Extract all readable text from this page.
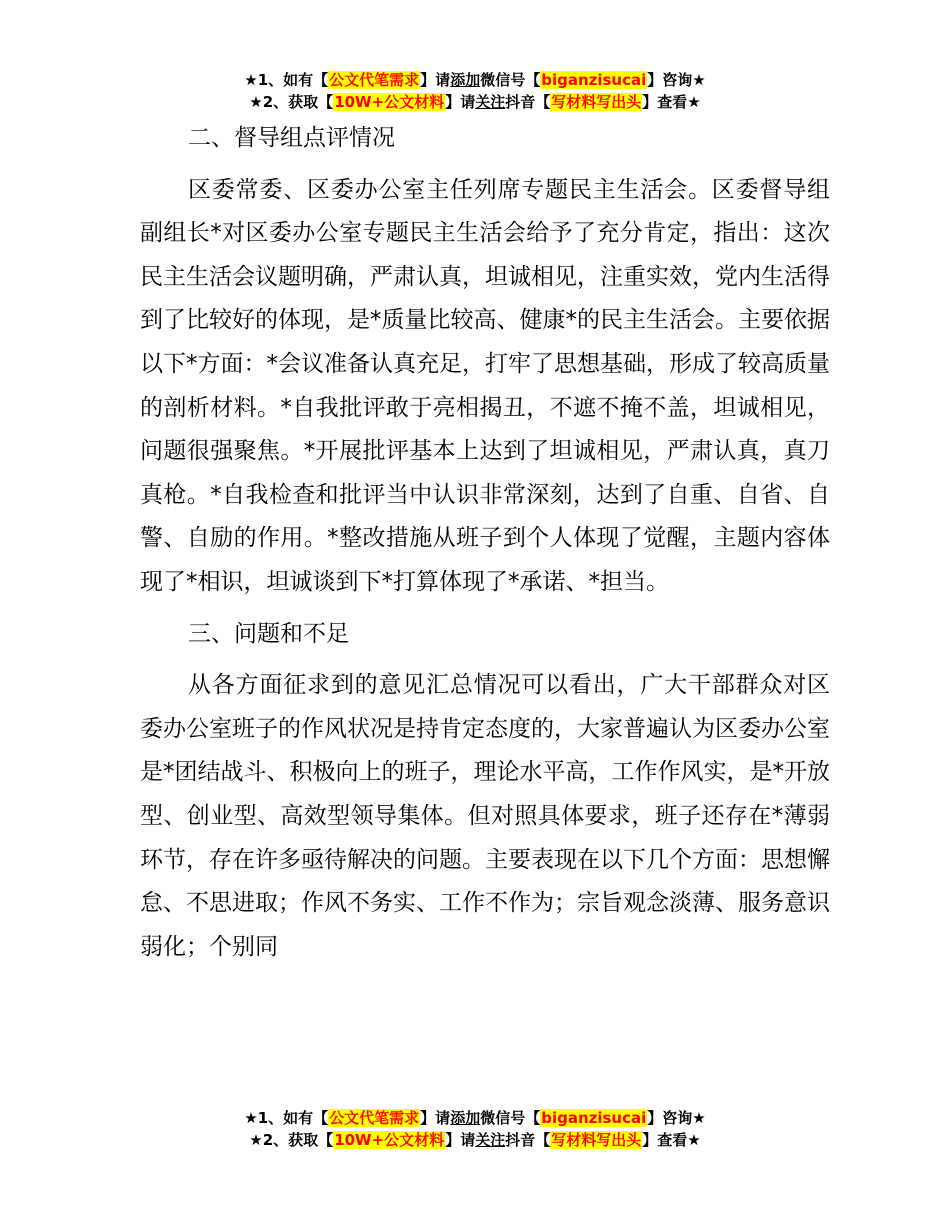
★1、如有【公文代笔需求】请添加微信号【biganzisucai】咨询★
★2、获取【10W+公文材料】请关注抖音【写材料写出头】查看★

二、督导组点评情况

区委常委、区委办公室主任列席专题民主生活会。区委督导组副组长*对区委办公室专题民主生活会给予了充分肯定，指出：这次民主生活会议题明确，严肃认真，坦诚相见，注重实效，党内生活得到了比较好的体现，是*质量比较高、健康*的民主生活会。主要依据以下*方面：*会议准备认真充足，打牢了思想基础，形成了较高质量的剖析材料。*自我批评敢于亮相揭丑，不遮不掩不盖，坦诚相见，问题很强聚焦。*开展批评基本上达到了坦诚相见，严肃认真，真刀真枪。*自我检查和批评当中认识非常深刻，达到了自重、自省、自警、自励的作用。*整改措施从班子到个人体现了觉醒，主题内容体现了*相识，坦诚谈到下*打算体现了*承诺、*担当。

三、问题和不足

从各方面征求到的意见汇总情况可以看出，广大干部群众对区委办公室班子的作风状况是持肯定态度的，大家普遍认为区委办公室是*团结战斗、积极向上的班子，理论水平高，工作作风实，是*开放型、创业型、高效型领导集体。但对照具体要求，班子还存在*薄弱环节，存在许多亟待解决的问题。主要表现在以下几个方面：思想懈怠、不思进取；作风不务实、工作不作为；宗旨观念淡薄、服务意识弱化；个别同

★1、如有【公文代笔需求】请添加微信号【biganzisucai】咨询★
★2、获取【10W+公文材料】请关注抖音【写材料写出头】查看★
